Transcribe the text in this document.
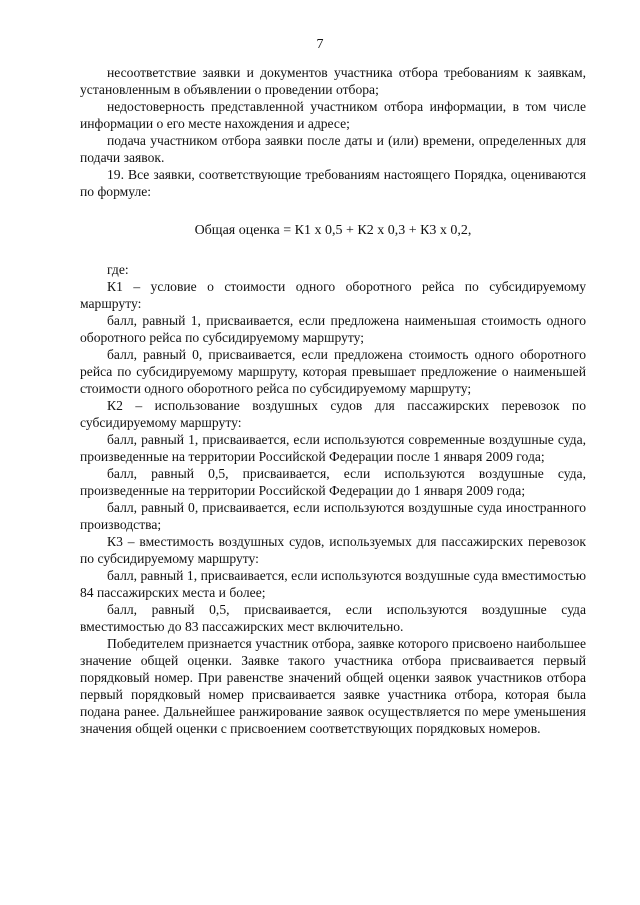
7

несоответствие заявки и документов участника отбора требованиям к заявкам, установленным в объявлении о проведении отбора;

недостоверность представленной участником отбора информации, в том числе информации о его месте нахождения и адресе;

подача участником отбора заявки после даты и (или) времени, определенных для подачи заявок.

19. Все заявки, соответствующие требованиям настоящего Порядка, оцениваются по формуле:

Общая оценка = К1 х 0,5 + К2 х 0,3 + К3 х 0,2,

где:

К1 – условие о стоимости одного оборотного рейса по субсидируемому маршруту:

балл, равный 1, присваивается, если предложена наименьшая стоимость одного оборотного рейса по субсидируемому маршруту;

балл, равный 0, присваивается, если предложена стоимость одного оборотного рейса по субсидируемому маршруту, которая превышает предложение о наименьшей стоимости одного оборотного рейса по субсидируемому маршруту;

К2 – использование воздушных судов для пассажирских перевозок по субсидируемому маршруту:

балл, равный 1, присваивается, если используются современные воздушные суда, произведенные на территории Российской Федерации после 1 января 2009 года;

балл, равный 0,5, присваивается, если используются воздушные суда, произведенные на территории Российской Федерации до 1 января 2009 года;

балл, равный 0, присваивается, если используются воздушные суда иностранного производства;

К3 – вместимость воздушных судов, используемых для пассажирских перевозок по субсидируемому маршруту:

балл, равный 1, присваивается, если используются воздушные суда вместимостью 84 пассажирских места и более;

балл, равный 0,5, присваивается, если используются воздушные суда вместимостью до 83 пассажирских мест включительно.

Победителем признается участник отбора, заявке которого присвоено наибольшее значение общей оценки. Заявке такого участника отбора присваивается первый порядковый номер. При равенстве значений общей оценки заявок участников отбора первый порядковый номер присваивается заявке участника отбора, которая была подана ранее. Дальнейшее ранжирование заявок осуществляется по мере уменьшения значения общей оценки с присвоением соответствующих порядковых номеров.
